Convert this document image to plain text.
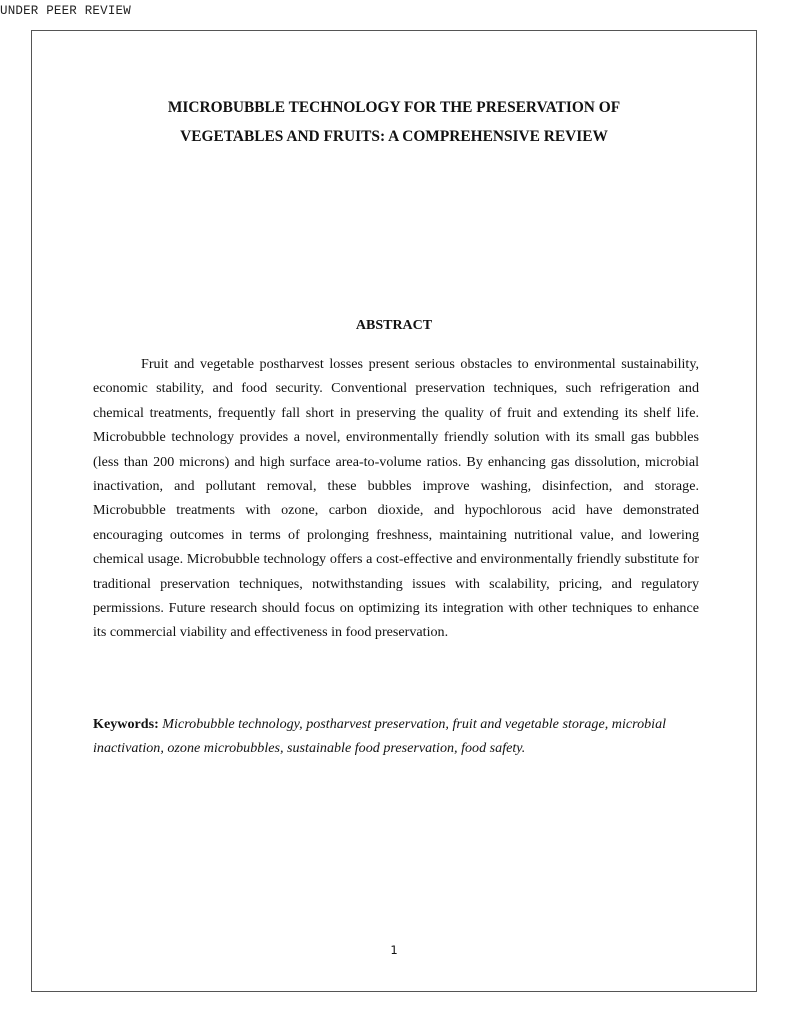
UNDER PEER REVIEW
MICROBUBBLE TECHNOLOGY FOR THE PRESERVATION OF
VEGETABLES AND FRUITS: A COMPREHENSIVE REVIEW
ABSTRACT

Fruit and vegetable postharvest losses present serious obstacles to environmental sustainability, economic stability, and food security. Conventional preservation techniques, such refrigeration and chemical treatments, frequently fall short in preserving the quality of fruit and extending its shelf life. Microbubble technology provides a novel, environmentally friendly solution with its small gas bubbles (less than 200 microns) and high surface area-to-volume ratios. By enhancing gas dissolution, microbial inactivation, and pollutant removal, these bubbles improve washing, disinfection, and storage. Microbubble treatments with ozone, carbon dioxide, and hypochlorous acid have demonstrated encouraging outcomes in terms of prolonging freshness, maintaining nutritional value, and lowering chemical usage. Microbubble technology offers a cost-effective and environmentally friendly substitute for traditional preservation techniques, notwithstanding issues with scalability, pricing, and regulatory permissions. Future research should focus on optimizing its integration with other techniques to enhance its commercial viability and effectiveness in food preservation.

Keywords: Microbubble technology, postharvest preservation, fruit and vegetable storage, microbial inactivation, ozone microbubbles, sustainable food preservation, food safety.

1
